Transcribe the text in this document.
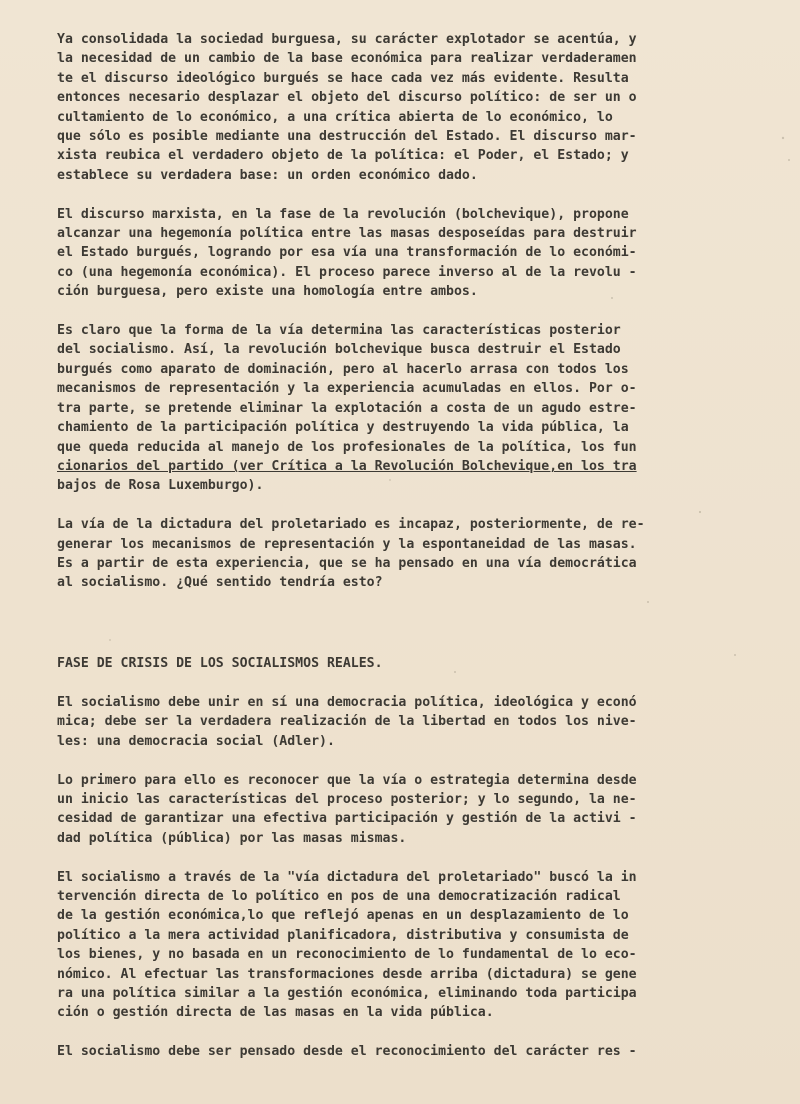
Ya consolidada la sociedad burguesa, su carácter explotador se acentúa, y
la necesidad de un cambio de la base económica para realizar verdaderamen
te el discurso ideológico burgués se hace cada vez más evidente. Resulta
entonces necesario desplazar el objeto del discurso político: de ser un o
cultamiento de lo económico, a una crítica abierta de lo económico, lo
que sólo es posible mediante una destrucción del Estado. El discurso mar-
xista reubica el verdadero objeto de la política: el Poder, el Estado; y
establece su verdadera base: un orden económico dado.

El discurso marxista, en la fase de la revolución (bolchevique), propone
alcanzar una hegemonía política entre las masas desposeídas para destruir
el Estado burgués, logrando por esa vía una transformación de lo económi-
co (una hegemonía económica). El proceso parece inverso al de la revolu -
ción burguesa, pero existe una homología entre ambos.

Es claro que la forma de la vía determina las características posterior
del socialismo. Así, la revolución bolchevique busca destruir el Estado
burgués como aparato de dominación, pero al hacerlo arrasa con todos los
mecanismos de representación y la experiencia acumuladas en ellos. Por o-
tra parte, se pretende eliminar la explotación a costa de un agudo estre-
chamiento de la participación política y destruyendo la vida pública, la
que queda reducida al manejo de los profesionales de la política, los fun
cionarios del partido (ver Crítica a la Revolución Bolchevique,en los tra
bajos de Rosa Luxemburgo).

La vía de la dictadura del proletariado es incapaz, posteriormente, de re-
generar los mecanismos de representación y la espontaneidad de las masas.
Es a partir de esta experiencia, que se ha pensado en una vía democrática
al socialismo. ¿Qué sentido tendría esto?

FASE DE CRISIS DE LOS SOCIALISMOS REALES.

El socialismo debe unir en sí una democracia política, ideológica y econó
mica; debe ser la verdadera realización de la libertad en todos los nive-
les: una democracia social (Adler).

Lo primero para ello es reconocer que la vía o estrategia determina desde
un inicio las características del proceso posterior; y lo segundo, la ne-
cesidad de garantizar una efectiva participación y gestión de la activi -
dad política (pública) por las masas mismas.

El socialismo a través de la "vía dictadura del proletariado" buscó la in
tervención directa de lo político en pos de una democratización radical
de la gestión económica,lo que reflejó apenas en un desplazamiento de lo
político a la mera actividad planificadora, distributiva y consumista de
los bienes, y no basada en un reconocimiento de lo fundamental de lo eco-
nómico. Al efectuar las transformaciones desde arriba (dictadura) se gene
ra una política similar a la gestión económica, eliminando toda participa
ción o gestión directa de las masas en la vida pública.

El socialismo debe ser pensado desde el reconocimiento del carácter res -
